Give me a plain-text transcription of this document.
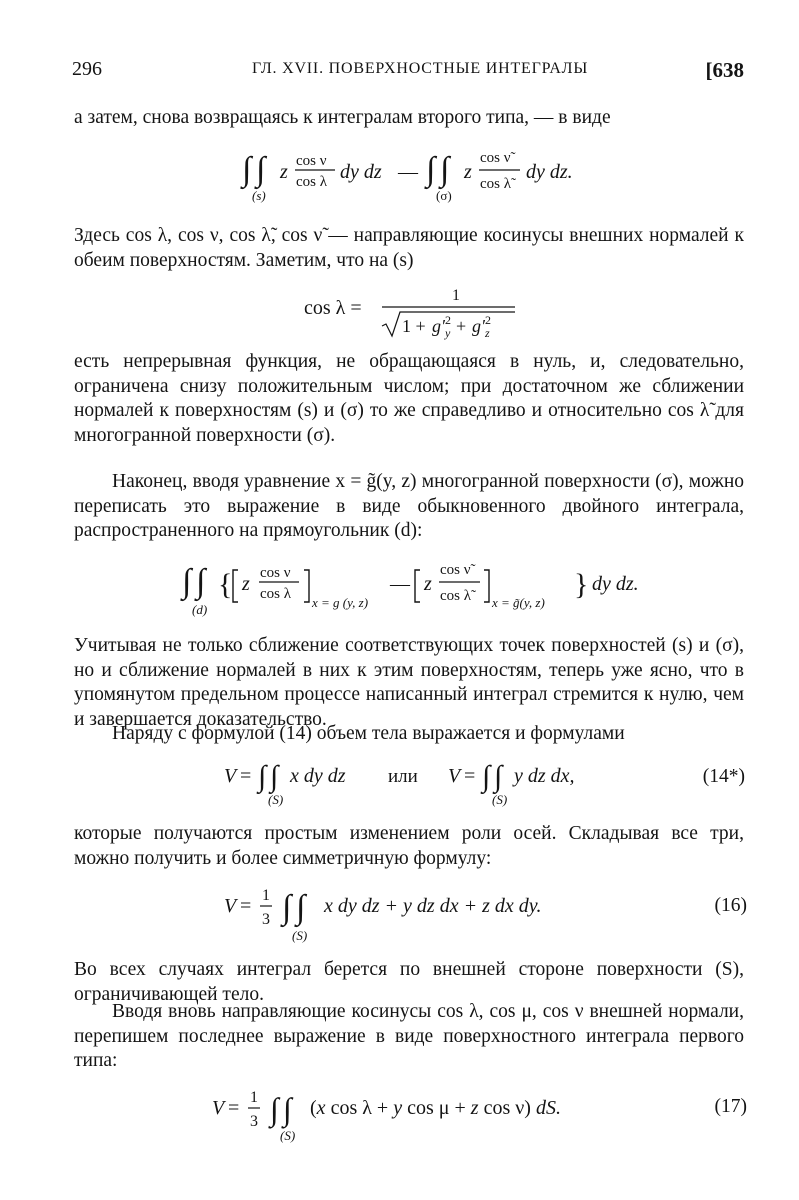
296	ГЛ. XVII. ПОВЕРХНОСТНЫЕ ИНТЕГРАЛЫ	[638

а затем, снова возвращаясь к интегралам второго типа, — в виде

∫ ∫
(s)
z cos ν
cos λ dy dz — ∫ ∫
(σ)
z
cos ν̃
cos λ̃
dy dz.

Здесь cos λ, cos ν, cos λ̃, cos ν̃ — направляющие косинусы внешних нормалей к обеим поверхностям. Заметим, что на (s)

cos λ =
1
1 + g′ y
2 + g′ z
2

есть непрерывная функция, не обращающаяся в нуль, и, следовательно, ограничена снизу положительным числом; при достаточном же сближении нормалей к поверхностям (s) и (σ) то же справедливо и относительно cos λ̃ для многогранной поверхности (σ).

Наконец, вводя уравнение x = g̃(y, z) многогранной поверхности (σ), можно переписать это выражение в виде обыкновенного двойного интеграла, распространенного на прямоугольник (d):

∫ ∫
(d)
{ z cos ν
cos λ
x = g (y, z)
— z
cos ν̃
cos λ̃	x = g̃(y, z)
} dy dz.

Учитывая не только сближение соответствующих точек поверхностей (s) и (σ), но и сближение нормалей в них к этим поверхностям, теперь уже ясно, что в упомянутом предельном процессе написанный интеграл стремится к нулю, чем и завершается доказательство.

Наряду с формулой (14) объем тела выражается и формулами

V = ∫ ∫
(S)
x dy dz или V = ∫ ∫
(S)
y dz dx,	(14*)

которые получаются простым изменением роли осей. Складывая все три, можно получить и более симметричную формулу:

V = 1
3 ∫ ∫
(S)
x dy dz + y dz dx + z dx dy.	(16)

Во всех случаях интеграл берется по внешней стороне поверхности (S), ограничивающей тело.

Вводя вновь направляющие косинусы cos λ, cos μ, cos ν внешней нормали, перепишем последнее выражение в виде поверхностного интеграла первого типа:

V = 1
3 ∫ ∫
(S)
(x cos λ + y cos μ + z cos ν) dS.	(17)
